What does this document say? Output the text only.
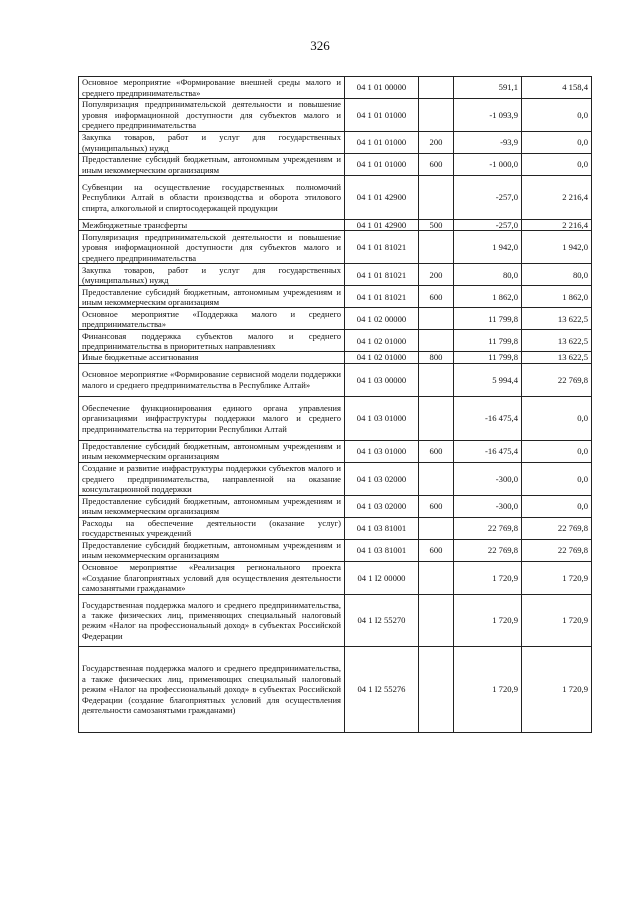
326
Основное мероприятие «Формирование внешней среды малого и среднего предпринимательства»	04 1 01 00000		591,1	4 158,4
Популяризация предпринимательской деятельности и повышение уровня информационной доступности для субъектов малого и среднего предпринимательства	04 1 01 01000		-1 093,9	0,0
Закупка товаров, работ и услуг для государственных (муниципальных) нужд	04 1 01 01000	200	-93,9	0,0
Предоставление субсидий бюджетным, автономным учреждениям и иным некоммерческим организациям	04 1 01 01000	600	-1 000,0	0,0
Субвенции на осуществление государственных полномочий Республики Алтай в области производства и оборота этилового спирта, алкогольной и спиртосодержащей продукции	04 1 01 42900		-257,0	2 216,4
Межбюджетные трансферты	04 1 01 42900	500	-257,0	2 216,4
Популяризация предпринимательской деятельности и повышение уровня информационной доступности для субъектов малого и среднего предпринимательства	04 1 01 81021		1 942,0	1 942,0
Закупка товаров, работ и услуг для государственных (муниципальных) нужд	04 1 01 81021	200	80,0	80,0
Предоставление субсидий бюджетным, автономным учреждениям и иным некоммерческим организациям	04 1 01 81021	600	1 862,0	1 862,0
Основное мероприятие «Поддержка малого и среднего предпринимательства»	04 1 02 00000		11 799,8	13 622,5
Финансовая поддержка субъектов малого и среднего предпринимательства в приоритетных направлениях	04 1 02 01000		11 799,8	13 622,5
Иные бюджетные ассигнования	04 1 02 01000	800	11 799,8	13 622,5
Основное мероприятие «Формирование сервисной модели поддержки малого и среднего предпринимательства в Республике Алтай»	04 1 03 00000		5 994,4	22 769,8
Обеспечение функционирования единого органа управления организациями инфраструктуры поддержки малого и среднего предпринимательства на территории Республики Алтай	04 1 03 01000		-16 475,4	0,0
Предоставление субсидий бюджетным, автономным учреждениям и иным некоммерческим организациям	04 1 03 01000	600	-16 475,4	0,0
Создание и развитие инфраструктуры поддержки субъектов малого и среднего предпринимательства, направленной на оказание консультационной поддержки	04 1 03 02000		-300,0	0,0
Предоставление субсидий бюджетным, автономным учреждениям и иным некоммерческим организациям	04 1 03 02000	600	-300,0	0,0
Расходы на обеспечение деятельности (оказание услуг) государственных учреждений	04 1 03 81001		22 769,8	22 769,8
Предоставление субсидий бюджетным, автономным учреждениям и иным некоммерческим организациям	04 1 03 81001	600	22 769,8	22 769,8
Основное мероприятие «Реализация регионального проекта «Создание благоприятных условий для осуществления деятельности самозанятыми гражданами»	04 1 I2 00000		1 720,9	1 720,9
Государственная поддержка малого и среднего предпринимательства, а также физических лиц, применяющих специальный налоговый режим «Налог на профессиональный доход» в субъектах Российской Федерации	04 1 I2 55270		1 720,9	1 720,9
Государственная поддержка малого и среднего предпринимательства, а также физических лиц, применяющих специальный налоговый режим «Налог на профессиональный доход» в субъектах Российской Федерации (создание благоприятных условий для осуществления деятельности самозанятыми гражданами)	04 1 I2 55276		1 720,9	1 720,9
